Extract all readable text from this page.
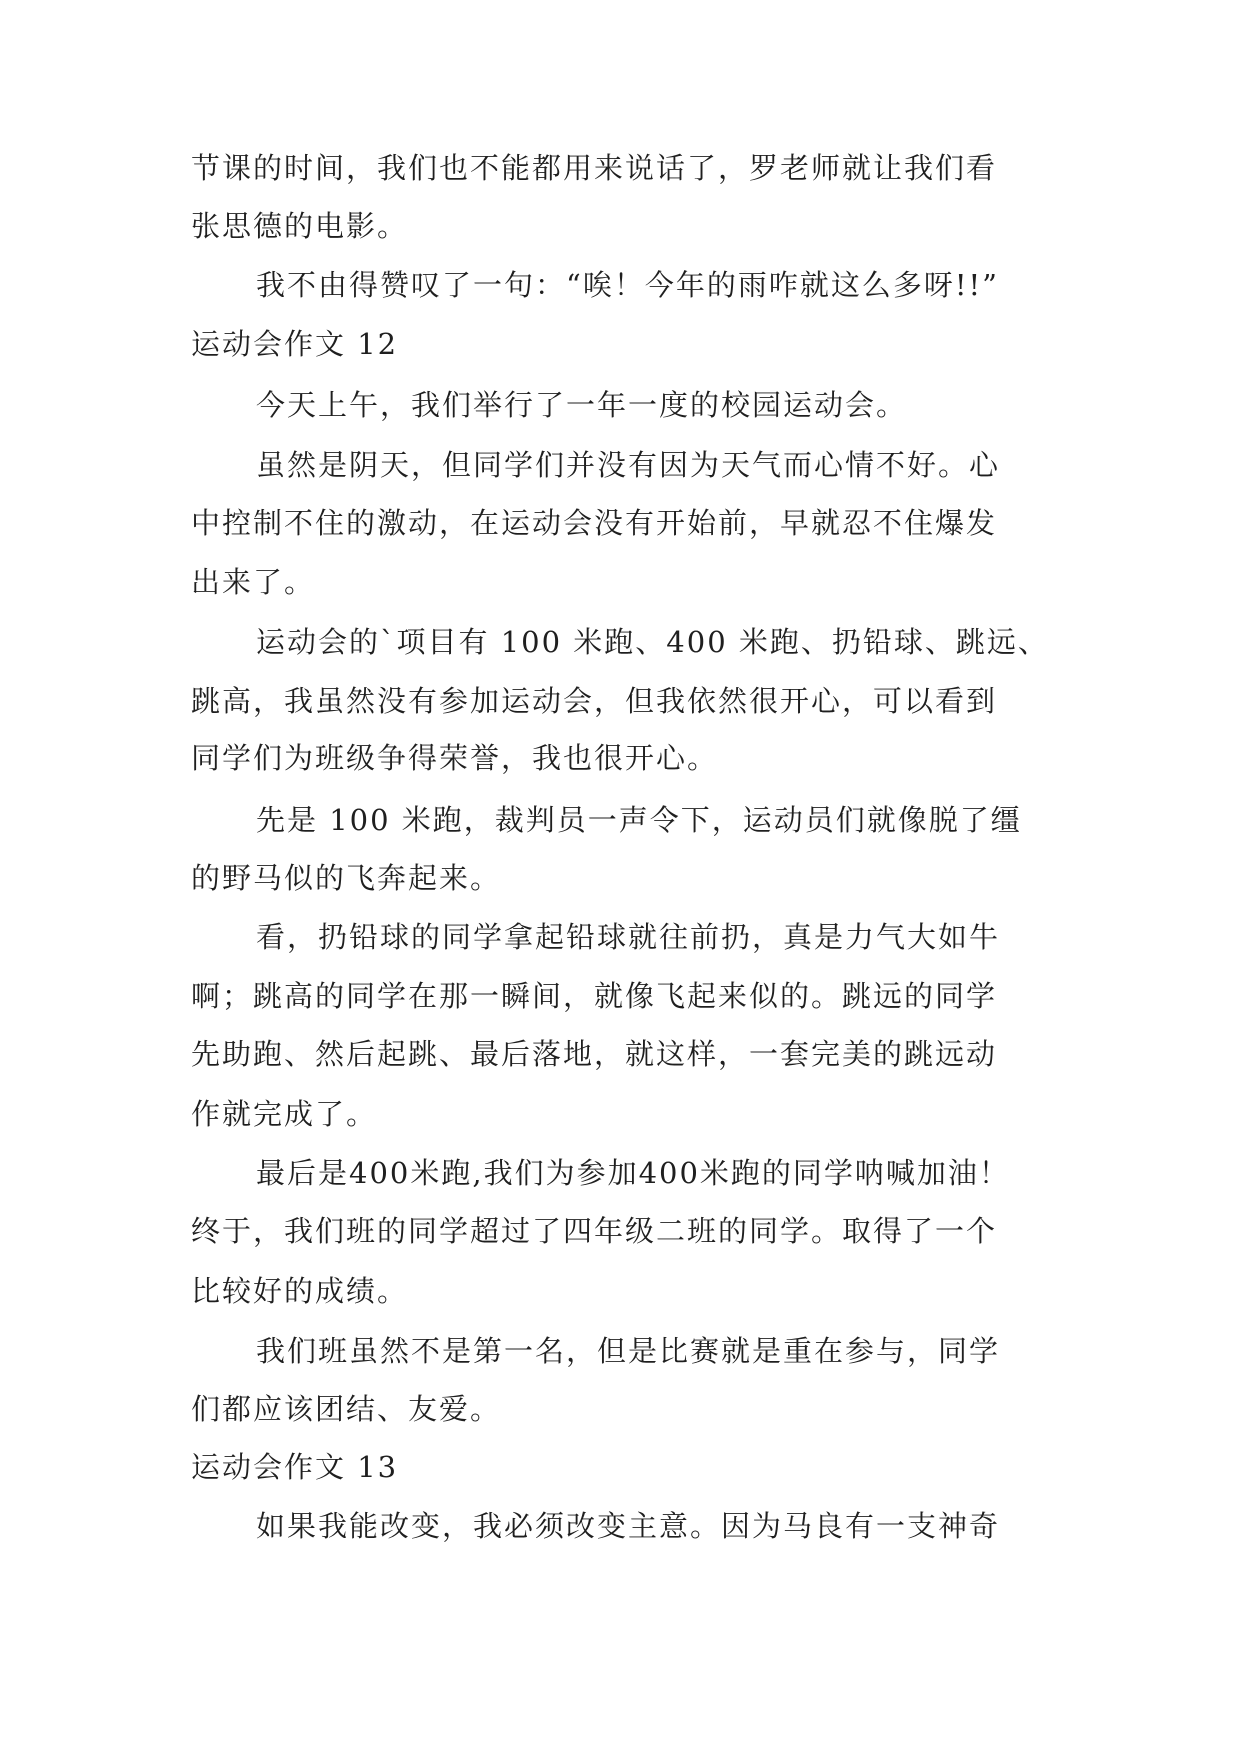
节课的时间，我们也不能都用来说话了，罗老师就让我们看
张思德的电影。
我不由得赞叹了一句：“唉！今年的雨咋就这么多呀!!”
运动会作文 12
今天上午，我们举行了一年一度的校园运动会。
虽然是阴天，但同学们并没有因为天气而心情不好。心
中控制不住的激动，在运动会没有开始前，早就忍不住爆发
出来了。
运动会的`项目有 100 米跑、400 米跑、扔铅球、跳远、
跳高，我虽然没有参加运动会，但我依然很开心，可以看到
同学们为班级争得荣誉，我也很开心。
先是 100 米跑，裁判员一声令下，运动员们就像脱了缰
的野马似的飞奔起来。
看，扔铅球的同学拿起铅球就往前扔，真是力气大如牛
啊；跳高的同学在那一瞬间，就像飞起来似的。跳远的同学
先助跑、然后起跳、最后落地，就这样，一套完美的跳远动
作就完成了。
最后是400米跑,我们为参加400米跑的同学呐喊加油！
终于，我们班的同学超过了四年级二班的同学。取得了一个
比较好的成绩。
我们班虽然不是第一名，但是比赛就是重在参与，同学
们都应该团结、友爱。
运动会作文 13
如果我能改变，我必须改变主意。因为马良有一支神奇
